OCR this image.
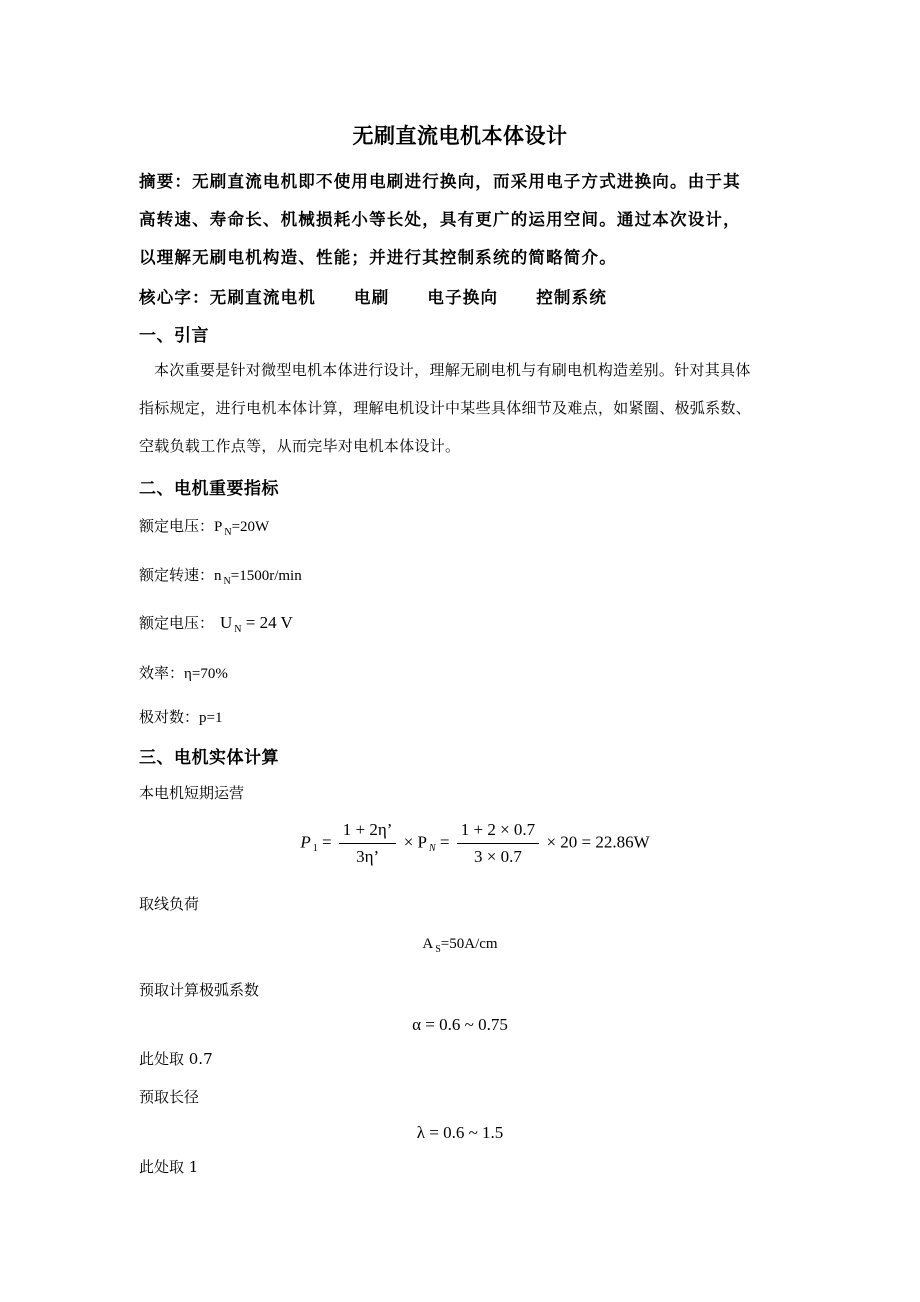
无刷直流电机本体设计
摘要：无刷直流电机即不使用电刷进行换向，而采用电子方式进换向。由于其
高转速、寿命长、机械损耗小等长处，具有更广的运用空间。通过本次设计，
以理解无刷电机构造、性能；并进行其控制系统的简略简介。
核心字：无刷直流电机 电刷 电子换向 控制系统
一、引言
本次重要是针对微型电机本体进行设计，理解无刷电机与有刷电机构造差别。针对其具体
指标规定，进行电机本体计算，理解电机设计中某些具体细节及难点，如紧圈、极弧系数、
空载负载工作点等，从而完毕对电机本体设计。
二、电机重要指标
额定电压：P $_N$=20W
额定转速：n $_N$=1500r/min
额定电压： U $_N$ = 24 V
效率：η=70%
极对数：p=1
三、电机实体计算
本电机短期运营
P $_1 = \frac{1 + 2\eta’}{3\eta’} \times P$ $_N = \frac{1 + 2 \times 0.7}{3 \times 0.7} \times 20 = 22.86W$
取线负荷
A $_S$=50A/cm
预取计算极弧系数
α = 0.6 ~ 0.75
此处取 0.7
预取长径
λ = 0.6 ~ 1.5
此处取 1
